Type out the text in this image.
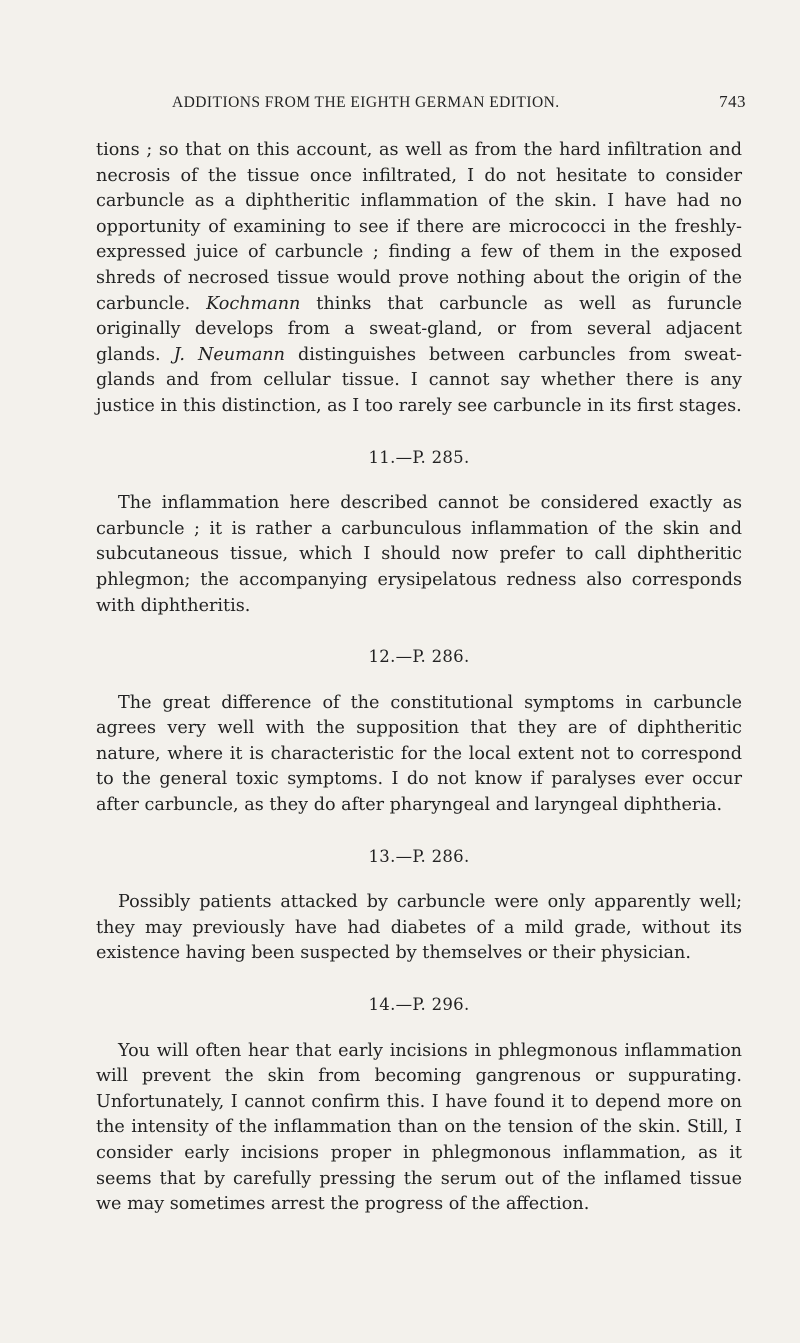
ADDITIONS FROM THE EIGHTH GERMAN EDITION.	743

tions ; so that on this account, as well as from the hard infiltration and necrosis of the tissue once infiltrated, I do not hesitate to consider carbuncle as a diphtheritic inflammation of the skin. I have had no opportunity of examining to see if there are micrococci in the freshly-expressed juice of carbuncle ; finding a few of them in the exposed shreds of necrosed tissue would prove nothing about the origin of the carbuncle. Kochmann thinks that carbuncle as well as furuncle originally develops from a sweat-gland, or from several adjacent glands. J. Neumann distinguishes between carbuncles from sweat-glands and from cellular tissue. I cannot say whether there is any justice in this distinction, as I too rarely see carbuncle in its first stages.

11.—P. 285.

The inflammation here described cannot be considered exactly as carbuncle ; it is rather a carbunculous inflammation of the skin and subcutaneous tissue, which I should now prefer to call diphtheritic phlegmon; the accompanying erysipelatous redness also corresponds with diphtheritis.

12.—P. 286.

The great difference of the constitutional symptoms in carbuncle agrees very well with the supposition that they are of diphtheritic nature, where it is characteristic for the local extent not to correspond to the general toxic symptoms. I do not know if paralyses ever occur after carbuncle, as they do after pharyngeal and laryngeal diphtheria.

13.—P. 286.

Possibly patients attacked by carbuncle were only apparently well; they may previously have had diabetes of a mild grade, without its existence having been suspected by themselves or their physician.

14.—P. 296.

You will often hear that early incisions in phlegmonous inflammation will prevent the skin from becoming gangrenous or suppurating. Unfortunately, I cannot confirm this. I have found it to depend more on the intensity of the inflammation than on the tension of the skin. Still, I consider early incisions proper in phlegmonous inflammation, as it seems that by carefully pressing the serum out of the inflamed tissue we may sometimes arrest the progress of the affection.
